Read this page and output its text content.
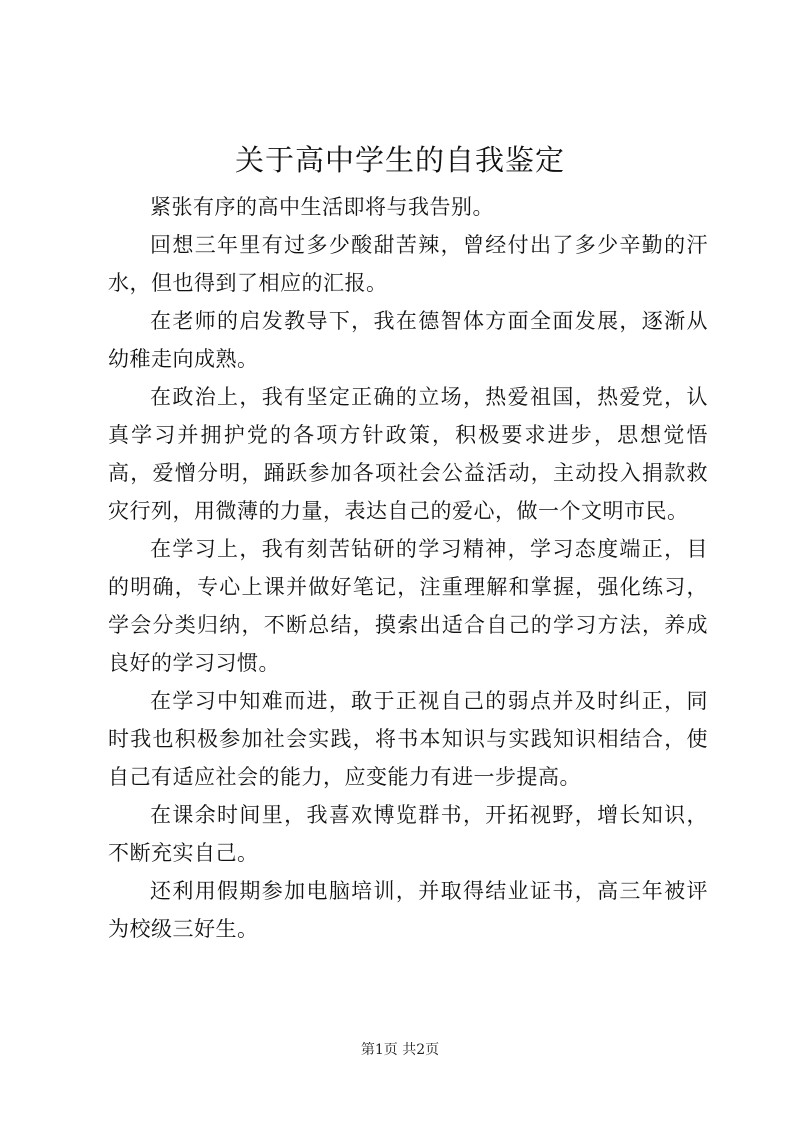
关于高中学生的自我鉴定

紧张有序的高中生活即将与我告别。

回想三年里有过多少酸甜苦辣，曾经付出了多少辛勤的汗水，但也得到了相应的汇报。

在老师的启发教导下，我在德智体方面全面发展，逐渐从幼稚走向成熟。

在政治上，我有坚定正确的立场，热爱祖国，热爱党，认真学习并拥护党的各项方针政策，积极要求进步，思想觉悟高，爱憎分明，踊跃参加各项社会公益活动，主动投入捐款救灾行列，用微薄的力量，表达自己的爱心，做一个文明市民。

在学习上，我有刻苦钻研的学习精神，学习态度端正，目的明确，专心上课并做好笔记，注重理解和掌握，强化练习，学会分类归纳，不断总结，摸索出适合自己的学习方法，养成良好的学习习惯。

在学习中知难而进，敢于正视自己的弱点并及时纠正，同时我也积极参加社会实践，将书本知识与实践知识相结合，使自己有适应社会的能力，应变能力有进一步提高。

在课余时间里，我喜欢博览群书，开拓视野，增长知识，不断充实自己。

还利用假期参加电脑培训，并取得结业证书，高三年被评为校级三好生。

第1页 共2页
